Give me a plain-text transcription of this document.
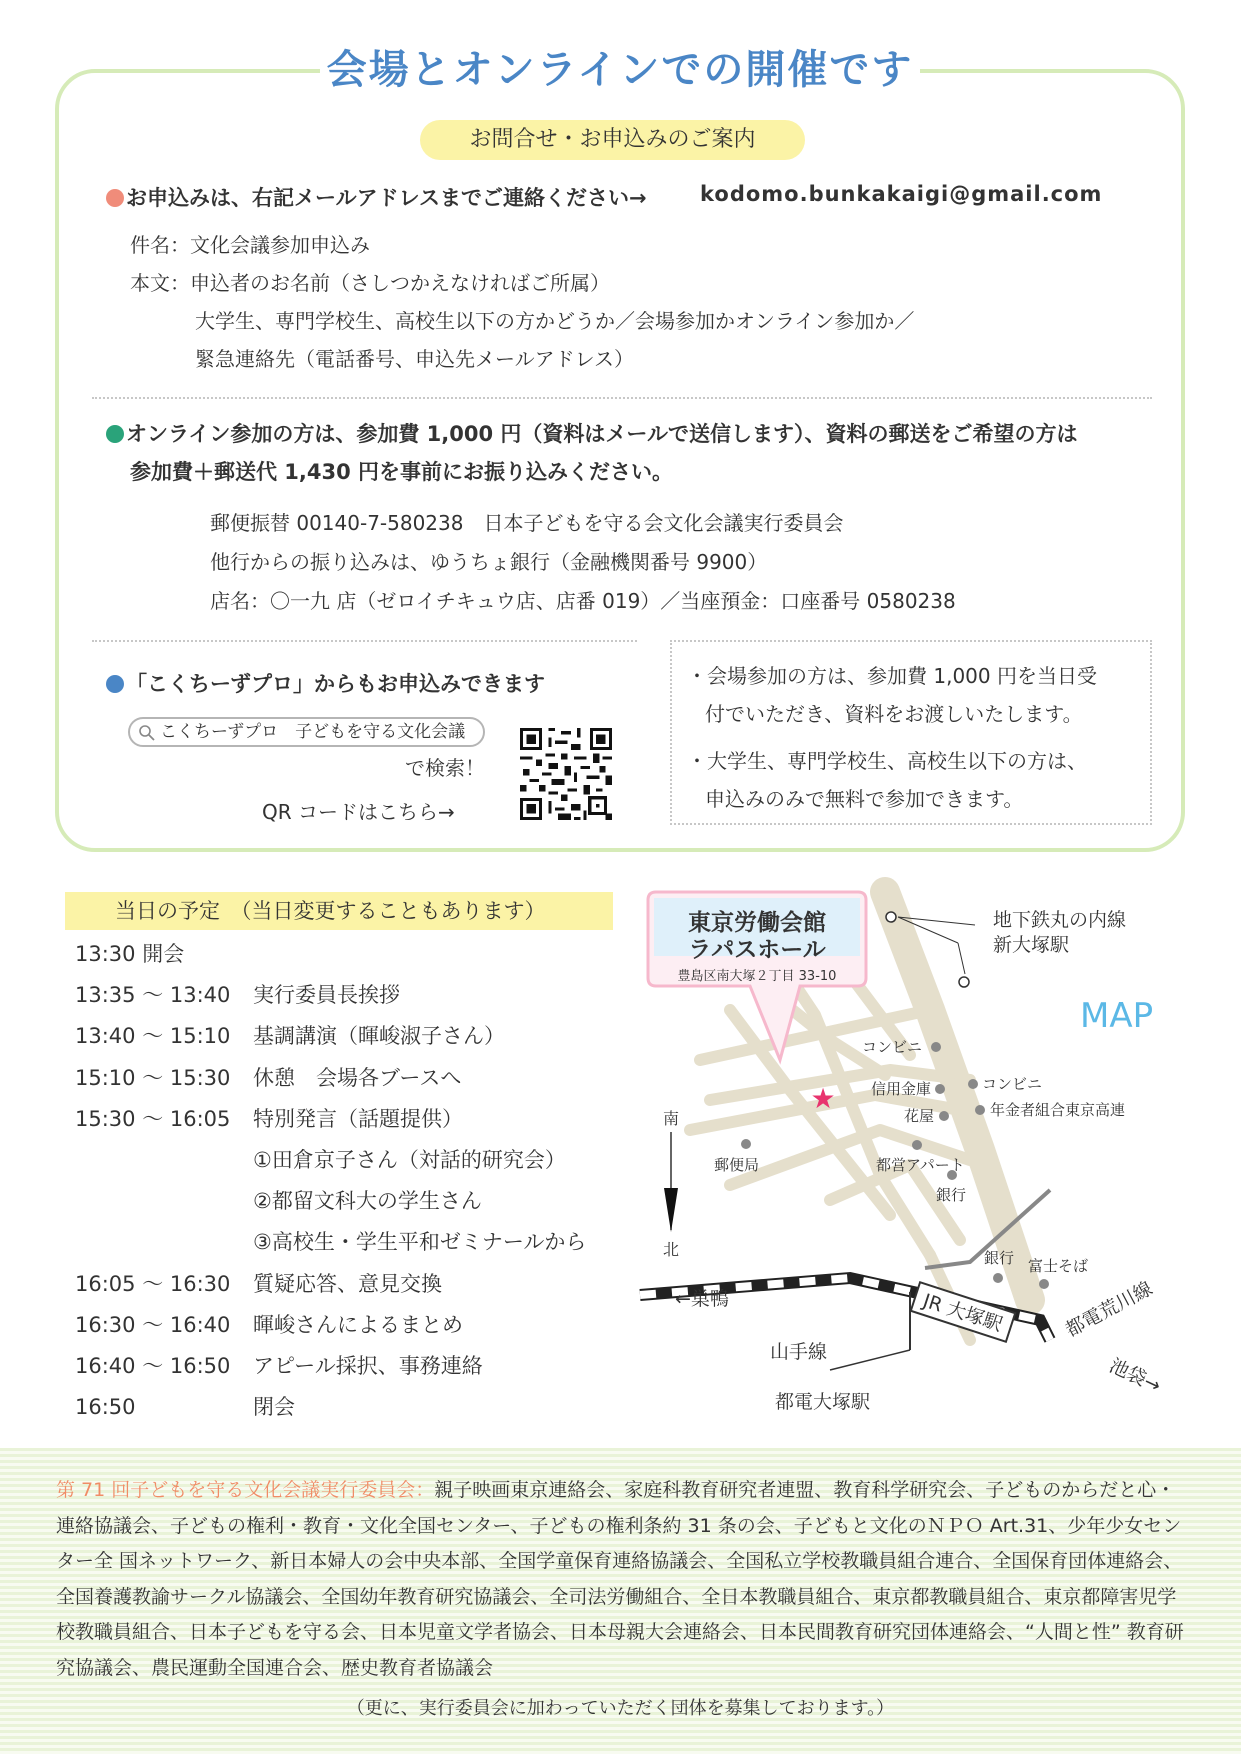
会場とオンラインでの開催です
お問合せ・お申込みのご案内
お申込みは、右記メールアドレスまでご連絡ください→	kodomo.bunkakaigi@gmail.com
件名：文化会議参加申込み
本文：申込者のお名前（さしつかえなければご所属）
大学生、専門学校生、高校生以下の方かどうか／会場参加かオンライン参加か／
緊急連絡先（電話番号、申込先メールアドレス）
オンライン参加の方は、参加費 1,000 円（資料はメールで送信します）、資料の郵送をご希望の方は
参加費＋郵送代 1,430 円を事前にお振り込みください。
郵便振替 00140-7-580238　日本子どもを守る会文化会議実行委員会
他行からの振り込みは、ゆうちょ銀行（金融機関番号 9900）
店名：〇一九 店（ゼロイチキュウ店、店番 019）／当座預金：口座番号 0580238
「こくちーずプロ」からもお申込みできます
こくちーずプロ　子どもを守る文化会議
で検索！
QR コードはこちら→
・会場参加の方は、参加費 1,000 円を当日受
付でいただき、資料をお渡しいたします。
・大学生、専門学校生、高校生以下の方は、
申込みのみで無料で参加できます。
当日の予定　（当日変更することもあります）
13:30 開会
13:35 ～ 13:40 実行委員長挨拶
13:40 ～ 15:10 基調講演（暉峻淑子さん）
15:10 ～ 15:30 休憩　会場各ブースへ
15:30 ～ 16:05 特別発言（話題提供）
①田倉京子さん（対話的研究会）
②都留文科大の学生さん
③高校生・学生平和ゼミナールから
16:05 ～ 16:30 質疑応答、意見交換
16:30 ～ 16:40 暉峻さんによるまとめ
16:40 ～ 16:50 アピール採択、事務連絡
16:50	閉会
JR 大塚駅
東京労働会館
ラパスホール
豊島区南大塚２丁目 33-10
★
地下鉄丸の内線
新大塚駅
MAP
南
北
コンビニ
コンビニ
信用金庫
年金者組合東京高連
花屋
郵便局	都営アパート
銀行
銀行 富士そば
←巣鴨
山手線
都電大塚駅
都電荒川線
池袋→
第 71 回子どもを守る文化会議実行委員会：親子映画東京連絡会、家庭科教育研究者連盟、教育科学研究会、子どものからだと心・連絡協議会、子どもの権利・教育・文化全国センター、子どもの権利条約 31 条の会、子どもと文化のＮＰＯ Art.31、少年少女センター全 国ネットワーク、新日本婦人の会中央本部、全国学童保育連絡協議会、全国私立学校教職員組合連合、全国保育団体連絡会、全国養護教諭サークル協議会、全国幼年教育研究協議会、全司法労働組合、全日本教職員組合、東京都教職員組合、東京都障害児学校教職員組合、日本子どもを守る会、日本児童文学者協会、日本母親大会連絡会、日本民間教育研究団体連絡会、“人間と性” 教育研究協議会、農民運動全国連合会、歴史教育者協議会
（更に、実行委員会に加わっていただく団体を募集しております。）
